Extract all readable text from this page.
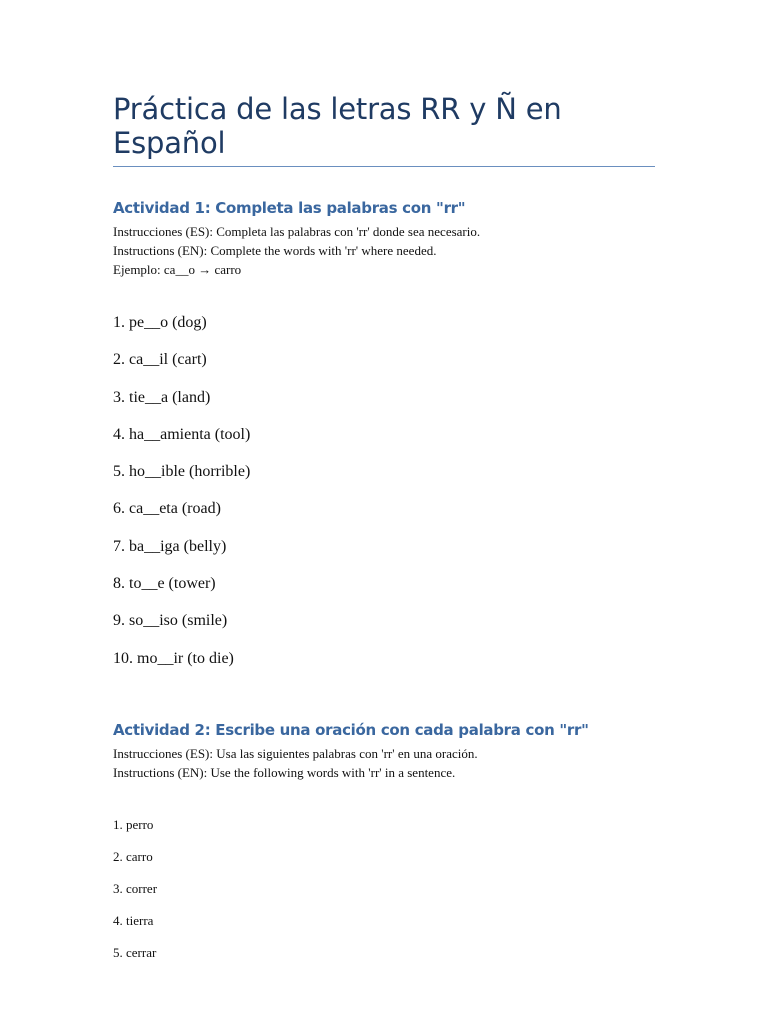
Práctica de las letras RR y Ñ en Español
Actividad 1: Completa las palabras con "rr"

Instrucciones (ES): Completa las palabras con 'rr' donde sea necesario.

Instructions (EN): Complete the words with 'rr' where needed.

Ejemplo: ca__o → carro

1. pe__o (dog)
2. ca__il (cart)
3. tie__a (land)
4. ha__amienta (tool)
5. ho__ible (horrible)
6. ca__eta (road)
7. ba__iga (belly)
8. to__e (tower)
9. so__iso (smile)
10. mo__ir (to die)
Actividad 2: Escribe una oración con cada palabra con "rr"

Instrucciones (ES): Usa las siguientes palabras con 'rr' en una oración.

Instructions (EN): Use the following words with 'rr' in a sentence.

1. perro
2. carro
3. correr
4. tierra
5. cerrar
